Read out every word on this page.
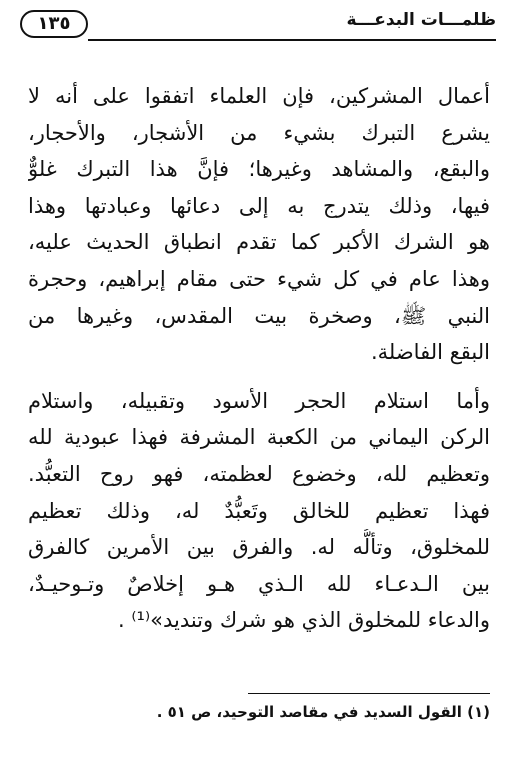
ظلمـــات البدعـــة
١٣٥
أعمال المشركين، فإن العلماء اتفقوا على أنه لا
يشرع التبرك بشيء من الأشجار، والأحجار،
والبقع، والمشاهد وغيرها؛ فإنَّ هذا التبرك غلوٌّ
فيها، وذلك يتدرج به إلى دعائها وعبادتها وهذا
هو الشرك الأكبر كما تقدم انطباق الحديث عليه،
وهذا عام في كل شيء حتى مقام إبراهيم، وحجرة
النبي ﷺ، وصخرة بيت المقدس، وغيرها من
البقع الفاضلة.
وأما استلام الحجر الأسود وتقبيله، واستلام
الركن اليماني من الكعبة المشرفة فهذا عبودية لله
وتعظيم لله، وخضوع لعظمته، فهو روح التعبُّد.
فهذا تعظيم للخالق وتَعبُّدٌ له، وذلك تعظيم
للمخلوق، وتألُّه له. والفرق بين الأمرين كالفرق
بين الـدعـاء لله الـذي هـو إخلاصٌ وتـوحيـدٌ،
والدعاء للمخلوق الذي هو شرك وتنديد»⁽¹⁾ .
(١) القول السديد في مقاصد التوحيد، ص ٥١ .
